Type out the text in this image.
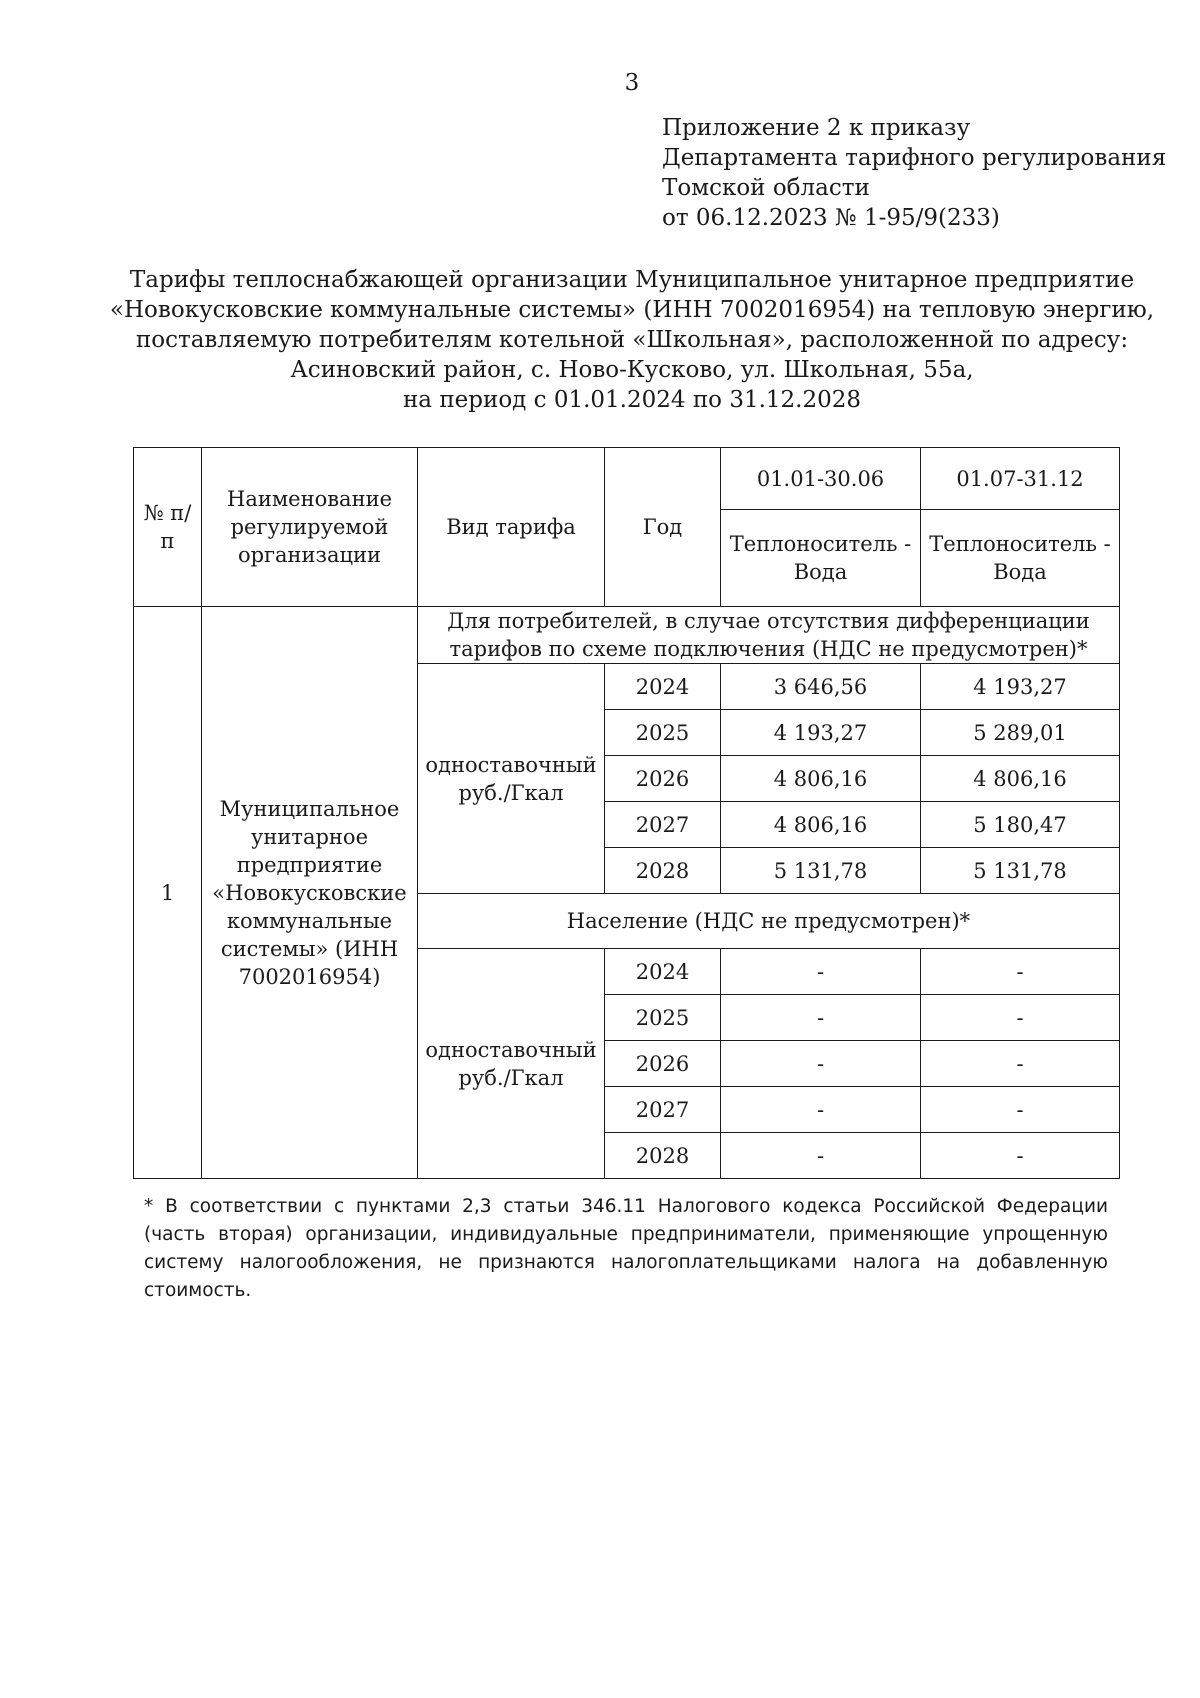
3
Приложение 2 к приказу
Департамента тарифного регулирования
Томской области
от 06.12.2023 № 1-95/9(233)
Тарифы теплоснабжающей организации Муниципальное унитарное предприятие
«Новокусковские коммунальные системы» (ИНН 7002016954) на тепловую энергию,
поставляемую потребителям котельной «Школьная», расположенной по адресу:
Асиновский район, с. Ново-Кусково, ул. Школьная, 55а,
на период с 01.01.2024 по 31.12.2028
№ п/п	Наименование регулируемой организации	Вид тарифа	Год	01.01-30.06	01.07-31.12
				Теплоноситель - Вода	Теплоноситель - Вода
1	Муниципальное унитарное предприятие «Новокусковские коммунальные системы» (ИНН 7002016954)	Для потребителей, в случае отсутствия дифференциации тарифов по схеме подключения (НДС не предусмотрен)*			
		одноставочный руб./Гкал	2024	3 646,56	4 193,27
			2025	4 193,27	5 289,01
			2026	4 806,16	4 806,16
			2027	4 806,16	5 180,47
			2028	5 131,78	5 131,78
		Население (НДС не предусмотрен)*			
		одноставочный руб./Гкал	2024	-	-
			2025	-	-
			2026	-	-
			2027	-	-
			2028	-	-
* В соответствии с пунктами 2,3 статьи 346.11 Налогового кодекса Российской Федерации (часть вторая) организации, индивидуальные предприниматели, применяющие упрощенную систему налогообложения, не признаются налогоплательщиками налога на добавленную стоимость.
